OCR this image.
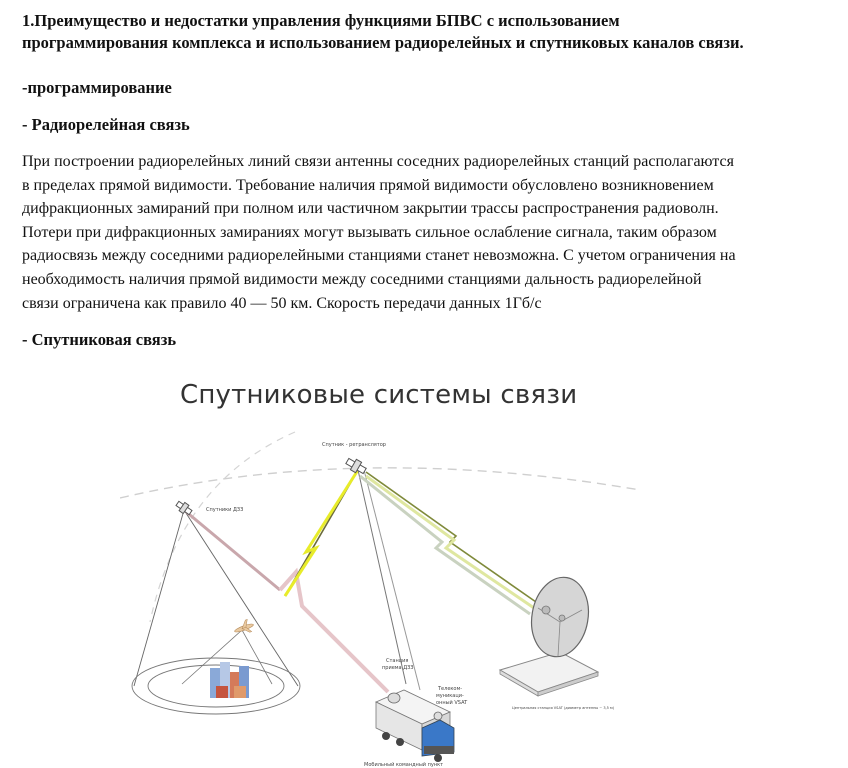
1.Преимущество и недостатки управления функциями БПВС с использованием
программирования комплекса и использованием радиорелейных и спутниковых каналов связи.
-программирование
- Радиорелейная связь

При построении радиорелейных линий связи антенны соседних радиорелейных станций располагаются
в пределах прямой видимости. Требование наличия прямой видимости обусловлено возникновением
дифракционных замираний при полном или частичном закрытии трассы распространения радиоволн.
Потери при дифракционных замираниях могут вызывать сильное ослабление сигнала, таким образом
радиосвязь между соседними радиорелейными станциями станет невозможна. С учетом ограничения на
необходимость наличия прямой видимости между соседними станциями дальность радиорелейной
связи ограничена как правило 40 — 50 км. Скорость передачи данных 1Гб/с

- Спутниковая связь
Спутник - ретранслятор
Спутники ДЗЗ
Станция
приема ДЗЗ
Телеком-
муникаци-
онный VSAT
Мобильный командный пункт
Центральная станция VSAT (диаметр антенны ~ 3,5 м)
Спутниковые системы связи
